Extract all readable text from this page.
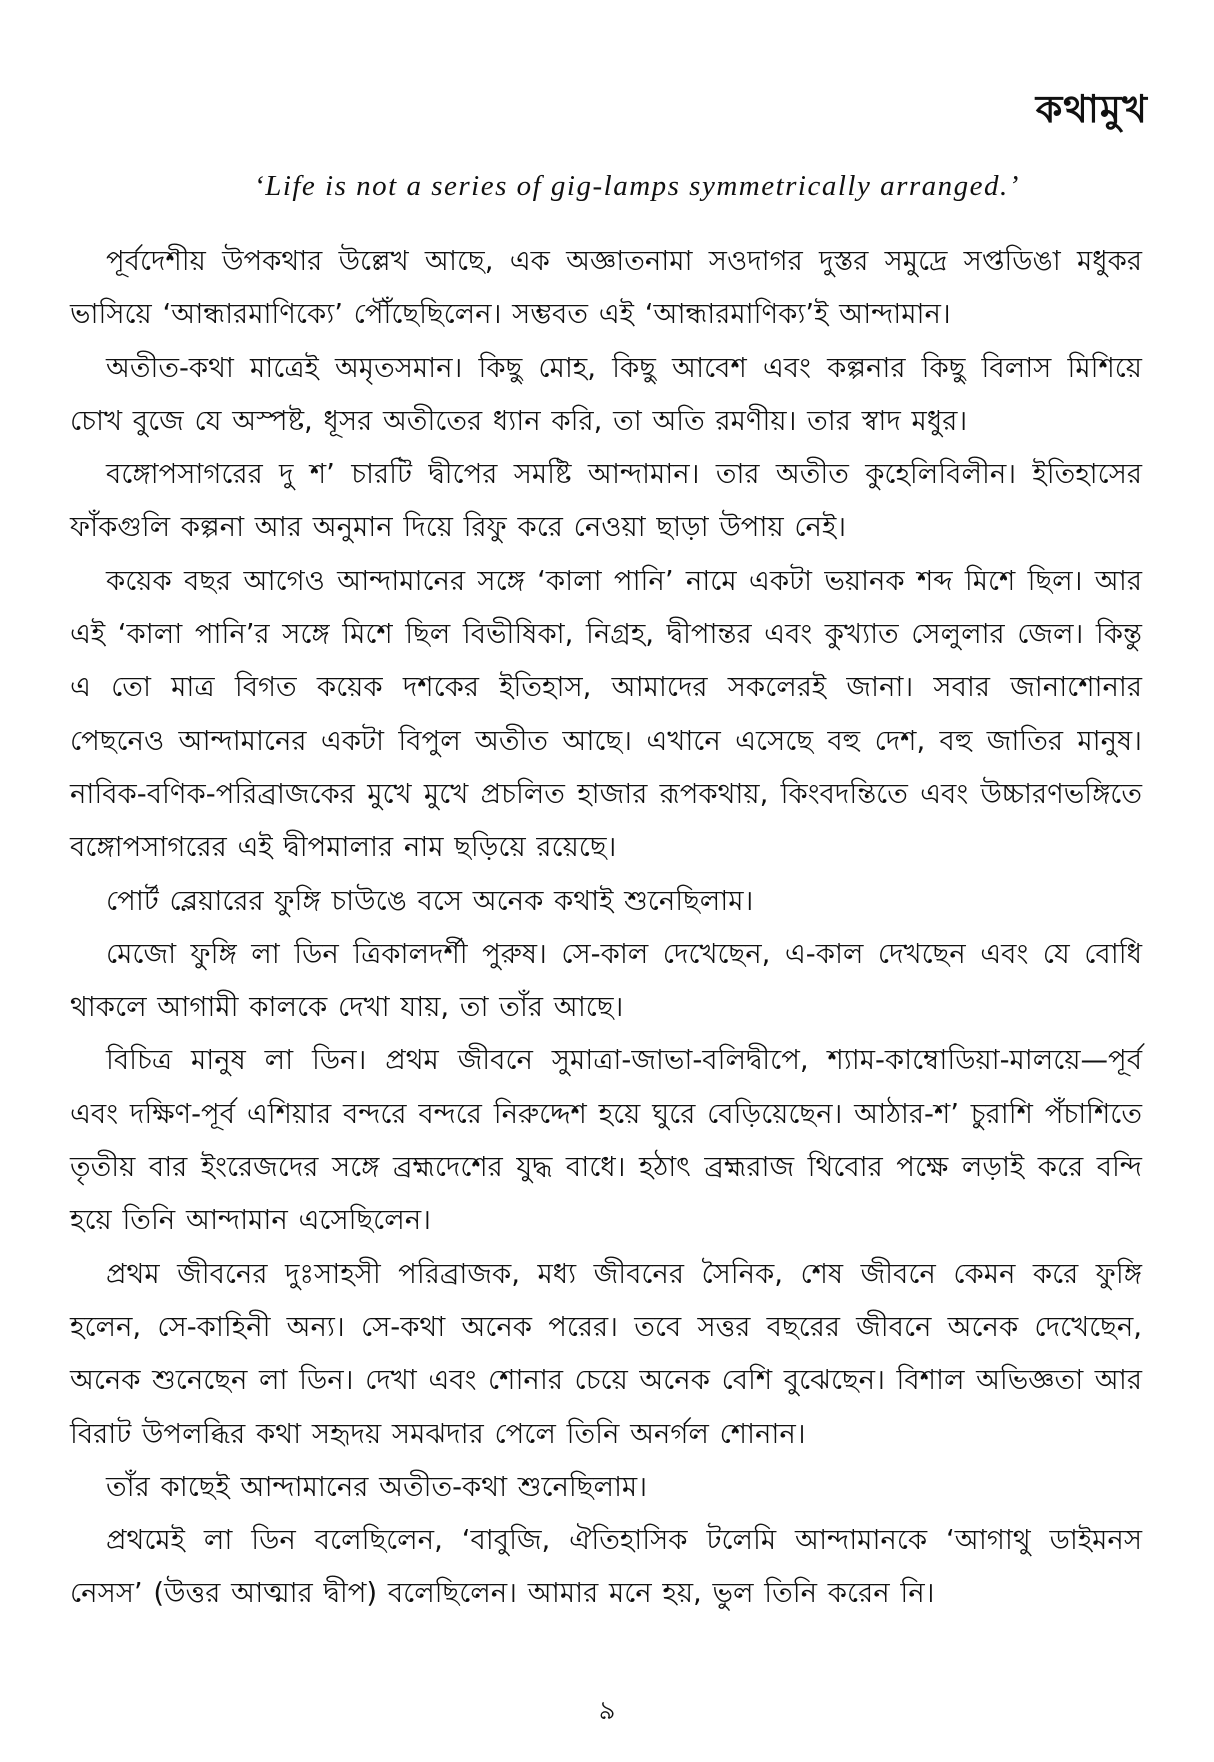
কথামুখ
‘Life is not a series of gig-lamps symmetrically arranged.’

পূর্বদেশীয় উপকথার উল্লেখ আছে, এক অজ্ঞাতনামা সওদাগর দুস্তর সমুদ্রে সপ্তডিঙা মধুকর ভাসিয়ে ‘আন্ধারমাণিক্যে’ পৌঁছেছিলেন। সম্ভবত এই ‘আন্ধারমাণিক্য’ই আন্দামান।

অতীত-কথা মাত্রেই অমৃতসমান। কিছু মোহ, কিছু আবেশ এবং কল্পনার কিছু বিলাস মিশিয়ে চোখ বুজে যে অস্পষ্ট, ধূসর অতীতের ধ্যান করি, তা অতি রমণীয়। তার স্বাদ মধুর।

বঙ্গোপসাগরের দু শ’ চারটি দ্বীপের সমষ্টি আন্দামান। তার অতীত কুহেলিবিলীন। ইতিহাসের ফাঁকগুলি কল্পনা আর অনুমান দিয়ে রিফু করে নেওয়া ছাড়া উপায় নেই।

কয়েক বছর আগেও আন্দামানের সঙ্গে ‘কালা পানি’ নামে একটা ভয়ানক শব্দ মিশে ছিল। আর এই ‘কালা পানি’র সঙ্গে মিশে ছিল বিভীষিকা, নিগ্রহ, দ্বীপান্তর এবং কুখ্যাত সেলুলার জেল। কিন্তু এ তো মাত্র বিগত কয়েক দশকের ইতিহাস, আমাদের সকলেরই জানা। সবার জানাশোনার পেছনেও আন্দামানের একটা বিপুল অতীত আছে। এখানে এসেছে বহু দেশ, বহু জাতির মানুষ। নাবিক-বণিক-পরিব্রাজকের মুখে মুখে প্রচলিত হাজার রূপকথায়, কিংবদন্তিতে এবং উচ্চারণভঙ্গিতে বঙ্গোপসাগরের এই দ্বীপমালার নাম ছড়িয়ে রয়েছে।

পোর্ট ব্লেয়ারের ফুঙ্গি চাউঙে বসে অনেক কথাই শুনেছিলাম।

মেজো ফুঙ্গি লা ডিন ত্রিকালদর্শী পুরুষ। সে-কাল দেখেছেন, এ-কাল দেখছেন এবং যে বোধি থাকলে আগামী কালকে দেখা যায়, তা তাঁর আছে।

বিচিত্র মানুষ লা ডিন। প্রথম জীবনে সুমাত্রা-জাভা-বলিদ্বীপে, শ্যাম-কাম্বোডিয়া-মালয়ে—পূর্ব এবং দক্ষিণ-পূর্ব এশিয়ার বন্দরে বন্দরে নিরুদ্দেশ হয়ে ঘুরে বেড়িয়েছেন। আঠার-শ’ চুরাশি পঁচাশিতে তৃতীয় বার ইংরেজদের সঙ্গে ব্রহ্মদেশের যুদ্ধ বাধে। হঠাৎ ব্রহ্মরাজ থিবোর পক্ষে লড়াই করে বন্দি হয়ে তিনি আন্দামান এসেছিলেন।

প্রথম জীবনের দুঃসাহসী পরিব্রাজক, মধ্য জীবনের সৈনিক, শেষ জীবনে কেমন করে ফুঙ্গি হলেন, সে-কাহিনী অন্য। সে-কথা অনেক পরের। তবে সত্তর বছরের জীবনে অনেক দেখেছেন, অনেক শুনেছেন লা ডিন। দেখা এবং শোনার চেয়ে অনেক বেশি বুঝেছেন। বিশাল অভিজ্ঞতা আর বিরাট উপলব্ধির কথা সহৃদয় সমঝদার পেলে তিনি অনর্গল শোনান।

তাঁর কাছেই আন্দামানের অতীত-কথা শুনেছিলাম।

প্রথমেই লা ডিন বলেছিলেন, ‘বাবুজি, ঐতিহাসিক টলেমি আন্দামানকে ‘আগাথু ডাইমনস নেসস’ (উত্তর আত্মার দ্বীপ) বলেছিলেন। আমার মনে হয়, ভুল তিনি করেন নি।

৯
